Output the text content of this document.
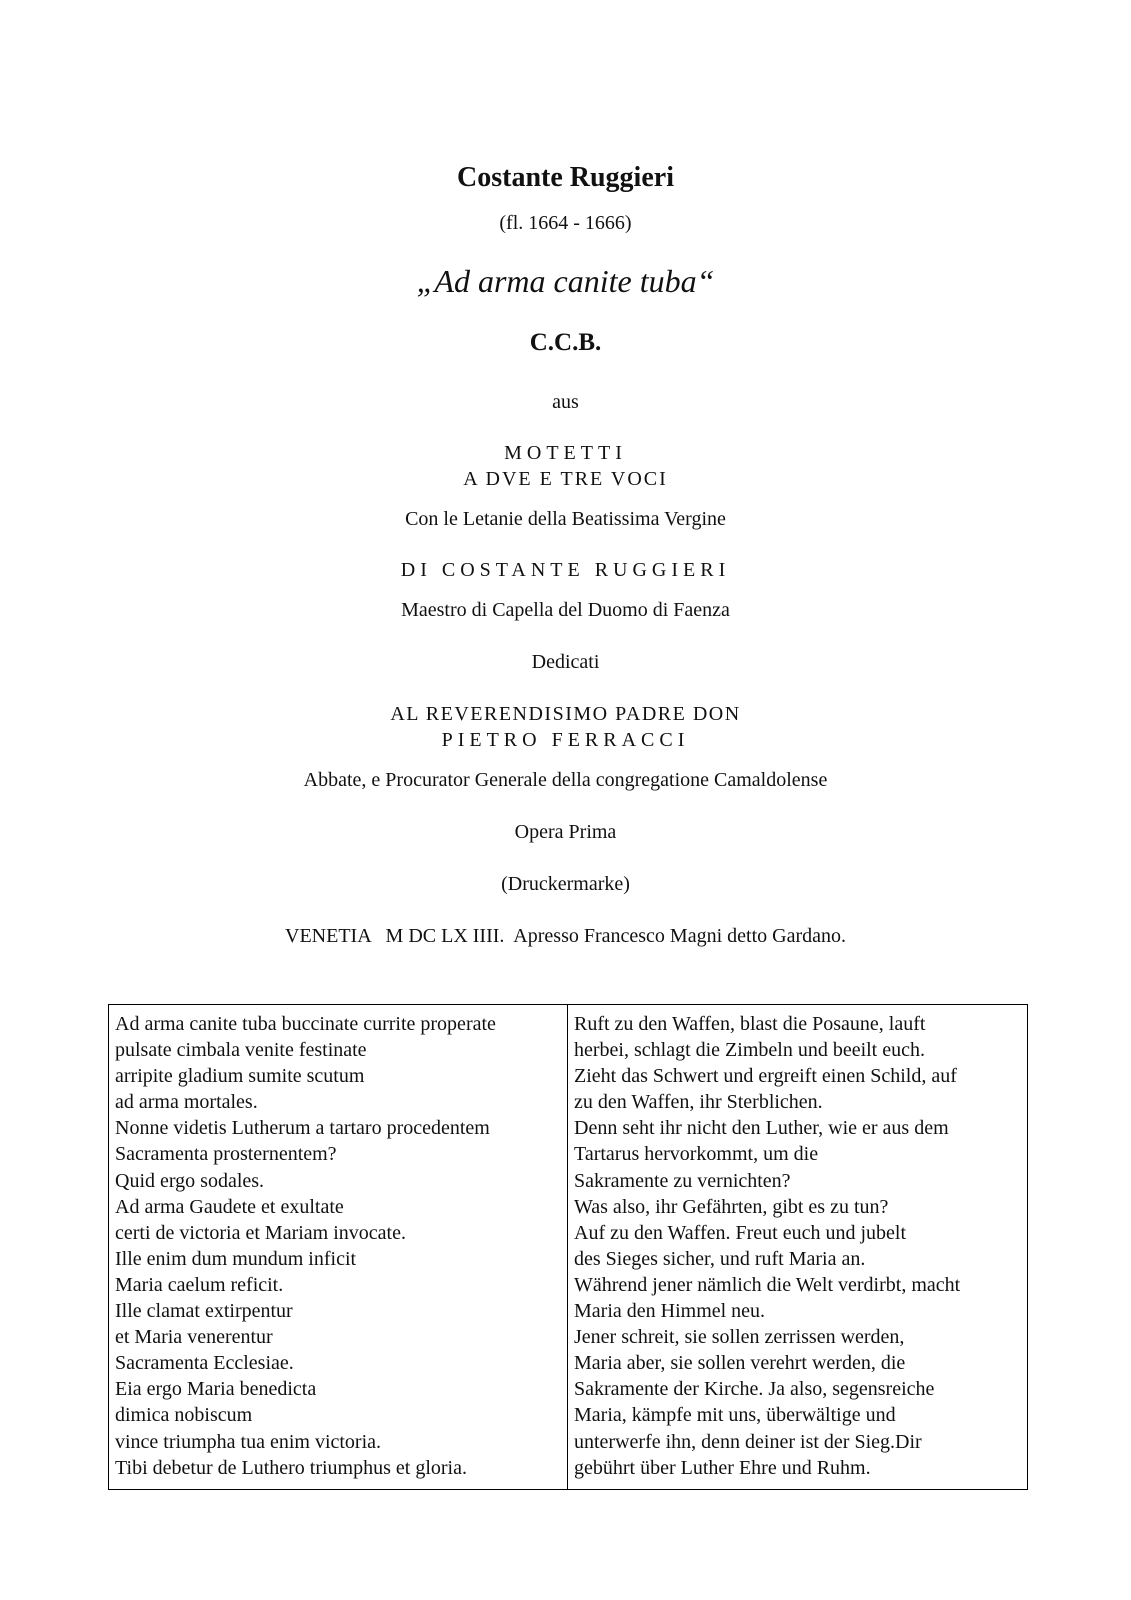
Costante Ruggieri
(fl. 1664 - 1666)
„Ad arma canite tuba“
C.C.B.
aus
MOTETTI
A DVE E TRE VOCI
Con le Letanie della Beatissima Vergine
DI COSTANTE RUGGIERI
Maestro di Capella del Duomo di Faenza
Dedicati
AL REVERENDISIMO PADRE DON
PIETRO FERRACCI
Abbate, e Procurator Generale della congregatione Camaldolense
Opera Prima
(Druckermarke)
VENETIA   M DC LX IIII.  Apresso Francesco Magni detto Gardano.
Ad arma canite tuba buccinate currite properate
pulsate cimbala venite festinate
arripite gladium sumite scutum
ad arma mortales.
Nonne videtis Lutherum a tartaro procedentem
Sacramenta prosternentem?
Quid ergo sodales.
Ad arma Gaudete et exultate
certi de victoria et Mariam invocate.
Ille enim dum mundum inficit
Maria caelum reficit.
Ille clamat extirpentur
et Maria venerentur
Sacramenta Ecclesiae.
Eia ergo Maria benedicta
dimica nobiscum
vince triumpha tua enim victoria.
Tibi debetur de Luthero triumphus et gloria.
Ruft zu den Waffen, blast die Posaune, lauft
herbei, schlagt die Zimbeln und beeilt euch.
Zieht das Schwert und ergreift einen Schild, auf
zu den Waffen, ihr Sterblichen.
Denn seht ihr nicht den Luther, wie er aus dem
Tartarus hervorkommt, um die
Sakramente zu vernichten?
Was also, ihr Gefährten, gibt es zu tun?
Auf zu den Waffen. Freut euch und jubelt
des Sieges sicher, und ruft Maria an.
Während jener nämlich die Welt verdirbt, macht
Maria den Himmel neu.
Jener schreit, sie sollen zerrissen werden,
Maria aber, sie sollen verehrt werden, die
Sakramente der Kirche. Ja also, segensreiche
Maria, kämpfe mit uns, überwältige und
unterwerfe ihn, denn deiner ist der Sieg.Dir
gebührt über Luther Ehre und Ruhm.
